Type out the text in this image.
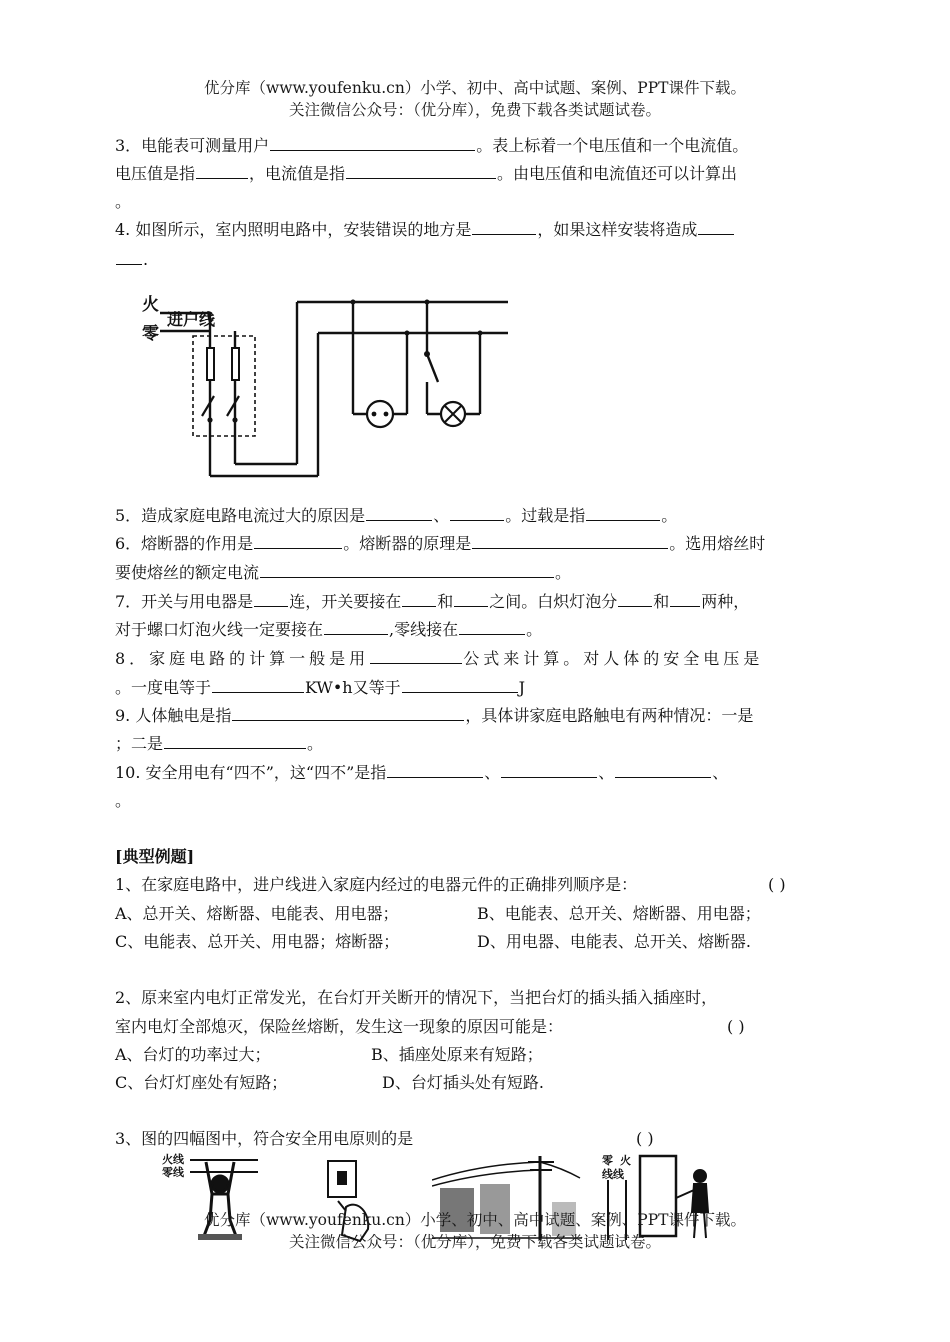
优分库（www.youfenku.cn）小学、初中、高中试题、案例、PPT课件下载。
关注微信公众号：（优分库），免费下载各类试题试卷。
3．电能表可测量用户	。表上标着一个电压值和一个电流值。
电压值是指	，电流值是指	。由电压值和电流值还可以计算出
。
4. 如图所示，室内照明电路中，安装错误的地方是	，如果这样安装将造成
.
火
零
进户线
5．造成家庭电路电流过大的原因是	、	。过载是指	。
6．熔断器的作用是	。熔断器的原理是	。选用熔丝时
要使熔丝的额定电流	。
7．开关与用电器是 连，开关要接在 和 之间。白炽灯泡分 和 两种，
对于螺口灯泡火线一定要接在	,零线接在	。
8．家庭电路的计算一般是用	公式来计算。对人体的安全电压是
。一度电等于	KW•h又等于	J
9. 人体触电是指	，具体讲家庭电路触电有两种情况：一是
；二是	。
10. 安全用电有“四不”，这“四不”是指	、	、	、
。
[典型例题]
1、在家庭电路中，进户线进入家庭内经过的电器元件的正确排列顺序是：	( )
A、总开关、熔断器、电能表、用电器；	B、电能表、总开关、熔断器、用电器；
C、电能表、总开关、用电器；熔断器；	D、用电器、电能表、总开关、熔断器.
2、原来室内电灯正常发光，在台灯开关断开的情况下，当把台灯的插头插入插座时，
室内电灯全部熄灭，保险丝熔断，发生这一现象的原因可能是：	( )
A、台灯的功率过大；	B、插座处原来有短路；
C、台灯灯座处有短路；	D、台灯插头处有短路.
3、图的四幅图中，符合安全用电原则的是	( )
火线
零线
零 火
线线
优分库（www.youfenku.cn）小学、初中、高中试题、案例、PPT课件下载。
关注微信公众号：（优分库），免费下载各类试题试卷。
